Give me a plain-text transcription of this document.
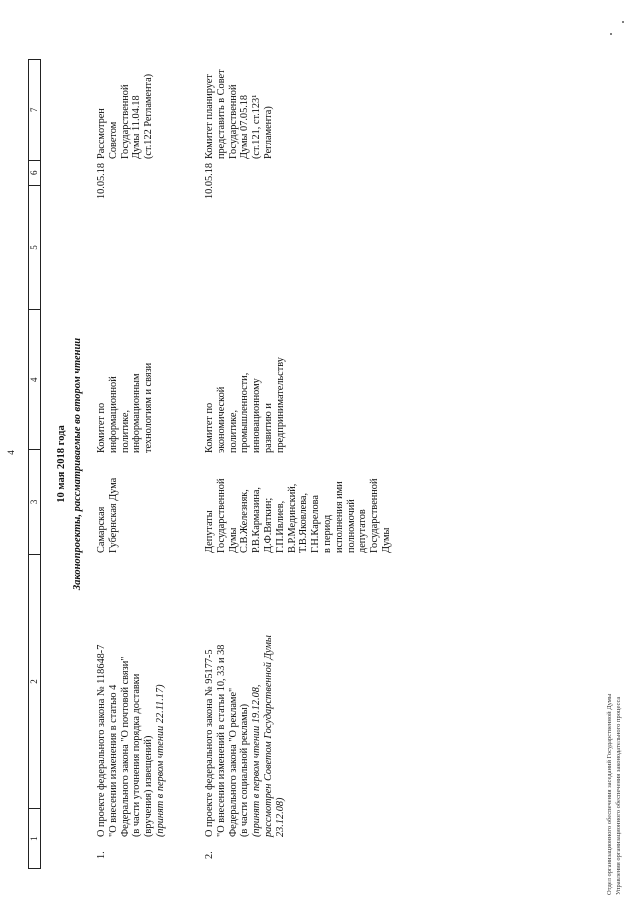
4
1
2
3
4
5
6
7
10 мая 2018 года Законопроекты, рассматриваемые во втором чтении
1.
О проекте федерального закона № 118648-7 "О внесении изменения в статью 4 Федерального закона "О почтовой связи" (в части уточнения порядка доставки (вручения) извещений) (принят в первом чтении 22.11.17)
Самарская Губернская Дума
Комитет по информационной политике, информационным технологиям и связи
10.05.18
Рассмотрен Советом Государственной Думы 11.04.18 (ст.122 Регламента)
2.
О проекте федерального закона № 95177-5 "О внесении изменений в статьи 10, 33 и 38 Федерального закона "О рекламе" (в части социальной рекламы) (принят в первом чтении 19.12.08, рассмотрен Советом Государственной Думы 23.12.08)
Депутаты Государственной Думы С.В.Железняк, Р.В.Кармазина, Д.Ф.Вяткин; Г.П.Ивлиев, В.Р.Мединский, Т.В.Яковлева, Г.Н.Карелова в период исполнения ими полномочий депутатов Государственной Думы
Комитет по экономической политике, промышленности, инновационному развитию и предпринимательству
10.05.18
Комитет планирует представить в Совет Государственной Думы 07.05.18 (ст.121, ст.123¹ Регламента)
Отдел организационного обеспечения заседаний Государственной Думы Управления организационного обеспечения законодательного процесса
